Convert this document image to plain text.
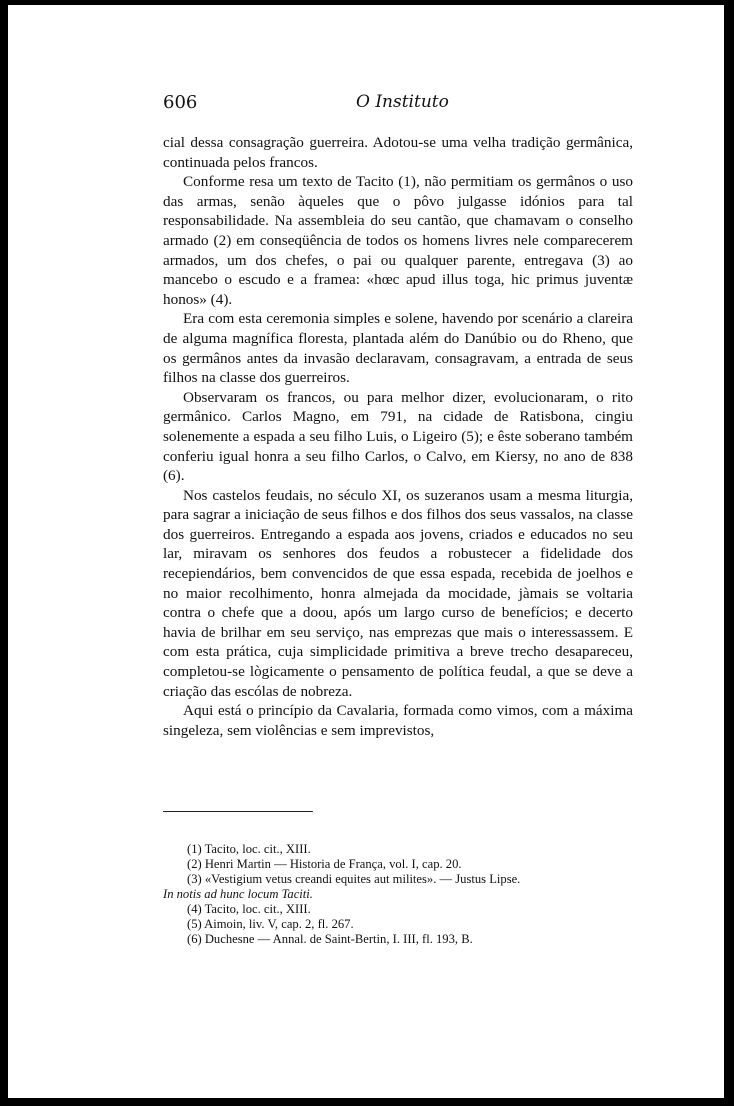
606	O Instituto

cial dessa consagração guerreira. Adotou-se uma velha tradição germânica, continuada pelos francos.

Conforme resa um texto de Tacito (1), não permitiam os germânos o uso das armas, senão àqueles que o pôvo julgasse idónios para tal responsabilidade. Na assembleia do seu cantão, que chamavam o conselho armado (2) em conseqüência de todos os homens livres nele comparecerem armados, um dos chefes, o pai ou qualquer parente, entregava (3) ao mancebo o escudo e a framea: «hœc apud illus toga, hic primus juventæ honos» (4).

Era com esta ceremonia simples e solene, havendo por scenário a clareira de alguma magnífica floresta, plantada além do Danúbio ou do Rheno, que os germânos antes da invasão declaravam, consagravam, a entrada de seus filhos na classe dos guerreiros.

Observaram os francos, ou para melhor dizer, evolucionaram, o rito germânico. Carlos Magno, em 791, na cidade de Ratisbona, cingiu solenemente a espada a seu filho Luis, o Ligeiro (5); e êste soberano também conferiu igual honra a seu filho Carlos, o Calvo, em Kiersy, no ano de 838 (6).

Nos castelos feudais, no século XI, os suzeranos usam a mesma liturgia, para sagrar a iniciação de seus filhos e dos filhos dos seus vassalos, na classe dos guerreiros. Entregando a espada aos jovens, criados e educados no seu lar, miravam os senhores dos feudos a robustecer a fidelidade dos recepiendários, bem convencidos de que essa espada, recebida de joelhos e no maior recolhimento, honra almejada da mocidade, jàmais se voltaria contra o chefe que a doou, após um largo curso de benefícios; e decerto havia de brilhar em seu serviço, nas emprezas que mais o interessassem. E com esta prática, cuja simplicidade primitiva a breve trecho desapareceu, completou-se lògicamente o pensamento de política feudal, a que se deve a criação das escólas de nobreza.

Aqui está o princípio da Cavalaria, formada como vimos, com a máxima singeleza, sem violências e sem imprevistos,

(1) Tacito, loc. cit., XIII.

(2) Henri Martin — Historia de França, vol. I, cap. 20.

(3) «Vestigium vetus creandi equites aut milites». — Justus Lipse.

In notis ad hunc locum Taciti.

(4) Tacito, loc. cit., XIII.

(5) Aimoin, liv. V, cap. 2, fl. 267.

(6) Duchesne — Annal. de Saint-Bertin, I. III, fl. 193, B.
